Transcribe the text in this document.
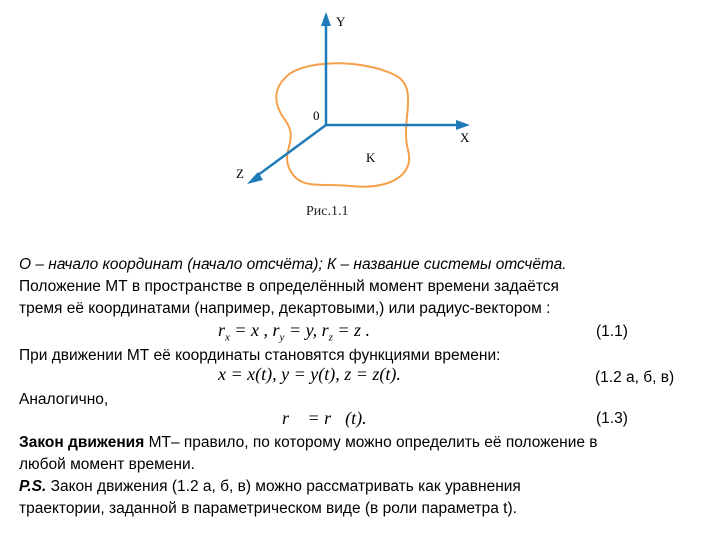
Y
X
Z
0
K
Рис.1.1
О – начало координат (начало отсчёта); К – название системы отсчёта.
Положение МТ в пространстве в определённый момент времени задаётся
тремя её координатами (например, декартовыми,) или радиус-вектором :
$r_x = x$ , $r_y = y$, $r_z = z$ .	(1.1)
При движении МТ её координаты становятся функциями времени:
x = x(t), y = y(t), z = z(t).	(1.2 а, б, в)
Аналогично,
r⃗ = r⃗(t).	(1.3)
Закон движения МТ– правило, по которому можно определить её положение в
любой момент времени.
P.S. Закон движения (1.2 а, б, в) можно рассматривать как уравнения
траектории, заданной в параметрическом виде (в роли параметра t).
